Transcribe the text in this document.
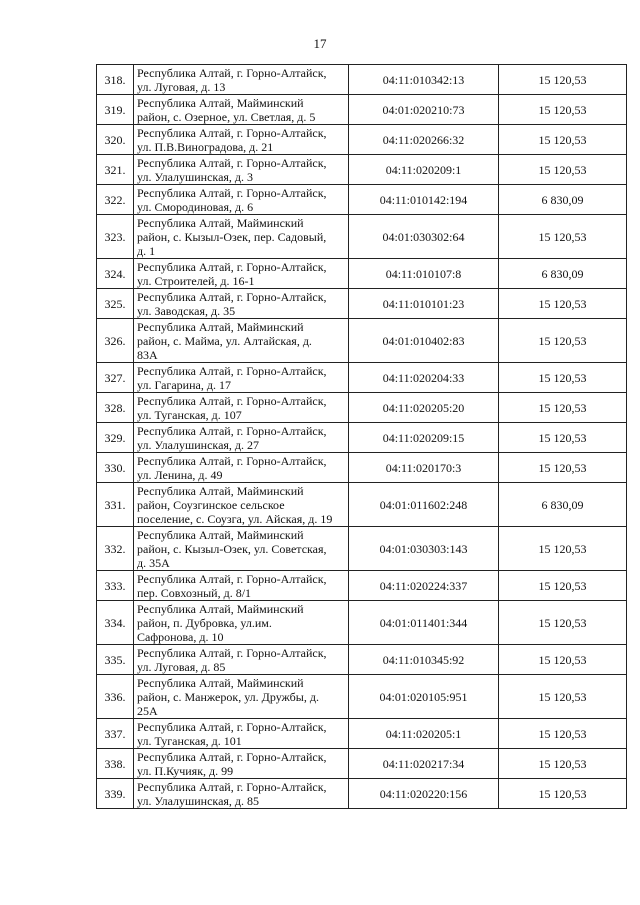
17
318.	Республика Алтай, г. Горно-Алтайск,
ул. Луговая, д. 13	04:11:010342:13	15 120,53
319.	Республика Алтай, Майминский
район, с. Озерное, ул. Светлая, д. 5	04:01:020210:73	15 120,53
320.	Республика Алтай, г. Горно-Алтайск,
ул. П.В.Виноградова, д. 21	04:11:020266:32	15 120,53
321.	Республика Алтай, г. Горно-Алтайск,
ул. Улалушинская, д. 3	04:11:020209:1	15 120,53
322.	Республика Алтай, г. Горно-Алтайск,
ул. Смородиновая, д. 6	04:11:010142:194	6 830,09
323.	Республика Алтай, Майминский
район, с. Кызыл-Озек, пер. Садовый,
д. 1	04:01:030302:64	15 120,53
324.	Республика Алтай, г. Горно-Алтайск,
ул. Строителей, д. 16-1	04:11:010107:8	6 830,09
325.	Республика Алтай, г. Горно-Алтайск,
ул. Заводская, д. 35	04:11:010101:23	15 120,53
326.	Республика Алтай, Майминский
район, с. Майма, ул. Алтайская, д.
83А	04:01:010402:83	15 120,53
327.	Республика Алтай, г. Горно-Алтайск,
ул. Гагарина, д. 17	04:11:020204:33	15 120,53
328.	Республика Алтай, г. Горно-Алтайск,
ул. Туганская, д. 107	04:11:020205:20	15 120,53
329.	Республика Алтай, г. Горно-Алтайск,
ул. Улалушинская, д. 27	04:11:020209:15	15 120,53
330.	Республика Алтай, г. Горно-Алтайск,
ул. Ленина, д. 49	04:11:020170:3	15 120,53
331.	Республика Алтай, Майминский
район, Соузгинское сельское
поселение, с. Соузга, ул. Айская, д. 19	04:01:011602:248	6 830,09
332.	Республика Алтай, Майминский
район, с. Кызыл-Озек, ул. Советская,
д. 35А	04:01:030303:143	15 120,53
333.	Республика Алтай, г. Горно-Алтайск,
пер. Совхозный, д. 8/1	04:11:020224:337	15 120,53
334.	Республика Алтай, Майминский
район, п. Дубровка, ул.им.
Сафронова, д. 10	04:01:011401:344	15 120,53
335.	Республика Алтай, г. Горно-Алтайск,
ул. Луговая, д. 85	04:11:010345:92	15 120,53
336.	Республика Алтай, Майминский
район, с. Манжерок, ул. Дружбы, д.
25А	04:01:020105:951	15 120,53
337.	Республика Алтай, г. Горно-Алтайск,
ул. Туганская, д. 101	04:11:020205:1	15 120,53
338.	Республика Алтай, г. Горно-Алтайск,
ул. П.Кучияк, д. 99	04:11:020217:34	15 120,53
339.	Республика Алтай, г. Горно-Алтайск,
ул. Улалушинская, д. 85	04:11:020220:156	15 120,53
